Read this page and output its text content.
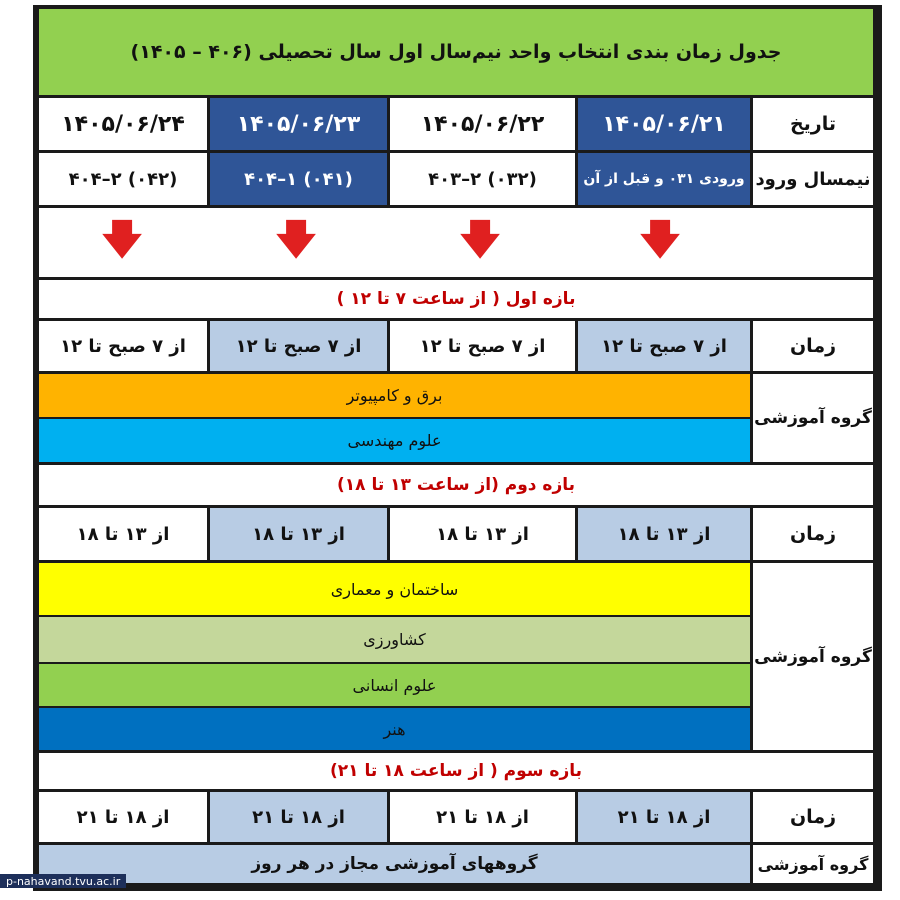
جدول زمان بندی انتخاب واحد نیم‌سال اول سال تحصیلی (۴۰۶ – ۱۴۰۵)
تاریخ
۱۴۰۵/۰۶/۲۱
۱۴۰۵/۰۶/۲۲
۱۴۰۵/۰۶/۲۳
۱۴۰۵/۰۶/۲۴
نیمسال ورود
ورودی ۰۳۱ و قبل از آن
(۰۳۲) ۲–۴۰۳
(۰۴۱) ۱–۴۰۴
(۰۴۲) ۲–۴۰۴
🡇
🡇
🡇
🡇
بازه اول ( از ساعت ۷ تا ۱۲ )
زمان
از ۷ صبح تا ۱۲
از ۷ صبح تا ۱۲
از ۷ صبح تا ۱۲
از ۷ صبح تا ۱۲
گروه آموزشی
برق و کامپیوتر
علوم مهندسی
بازه دوم (از ساعت ۱۳ تا ۱۸)
زمان
از ۱۳ تا ۱۸
از ۱۳ تا ۱۸
از ۱۳ تا ۱۸
از ۱۳ تا ۱۸
گروه آموزشی
ساختمان و معماری
کشاورزی
علوم انسانی
هنر
بازه سوم ( از ساعت ۱۸ تا ۲۱)
زمان
از ۱۸ تا ۲۱
از ۱۸ تا ۲۱
از ۱۸ تا ۲۱
از ۱۸ تا ۲۱
گروه آموزشی
گروههای آموزشی مجاز در هر روز
p-nahavand.tvu.ac.ir
